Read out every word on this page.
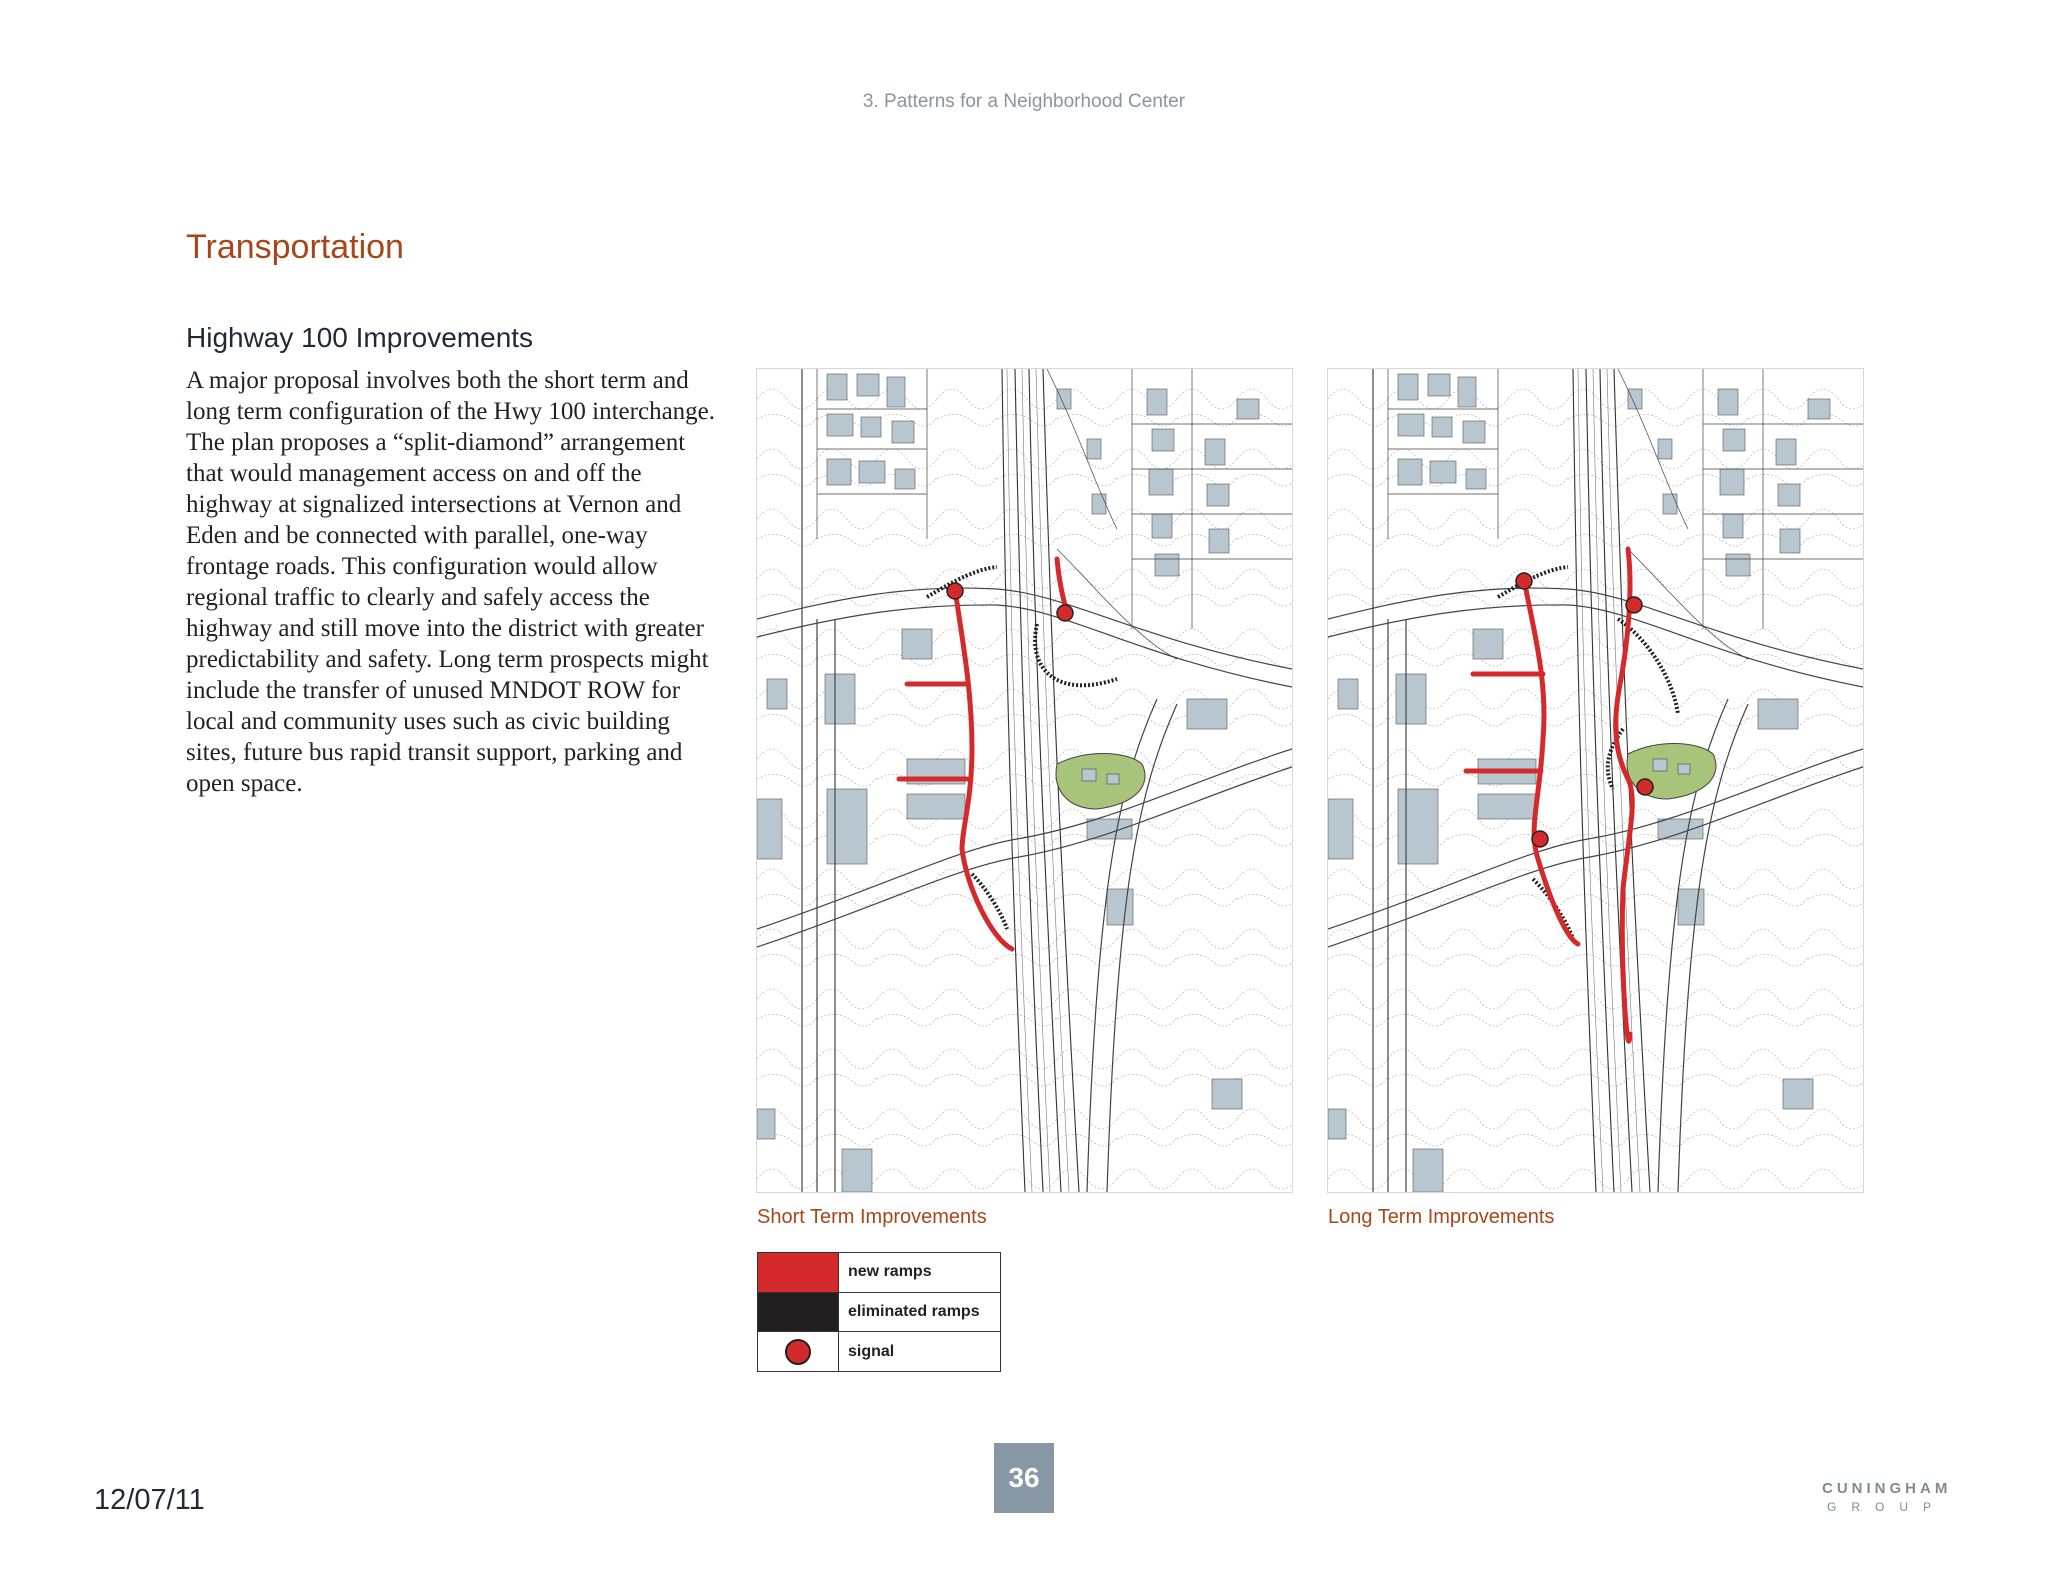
3. Patterns for a Neighborhood Center
Transportation
Highway 100 Improvements
A major proposal involves both the short term and long term configuration of the Hwy 100 interchange. The plan proposes a “split-diamond” arrangement that would management access on and off the highway at signalized intersections at Vernon and Eden and be connected with parallel, one-way frontage roads. This configuration would allow regional traffic to clearly and safely access the highway and still move into the district with greater predictability and safety. Long term prospects might include the transfer of unused MNDOT ROW for local and community uses such as civic building sites, future bus rapid transit support, parking and open space.
Short Term Improvements	Long Term Improvements
	new ramps
	eliminated ramps
	signal
36
12/07/11	CUNINGHAM
GROUP
